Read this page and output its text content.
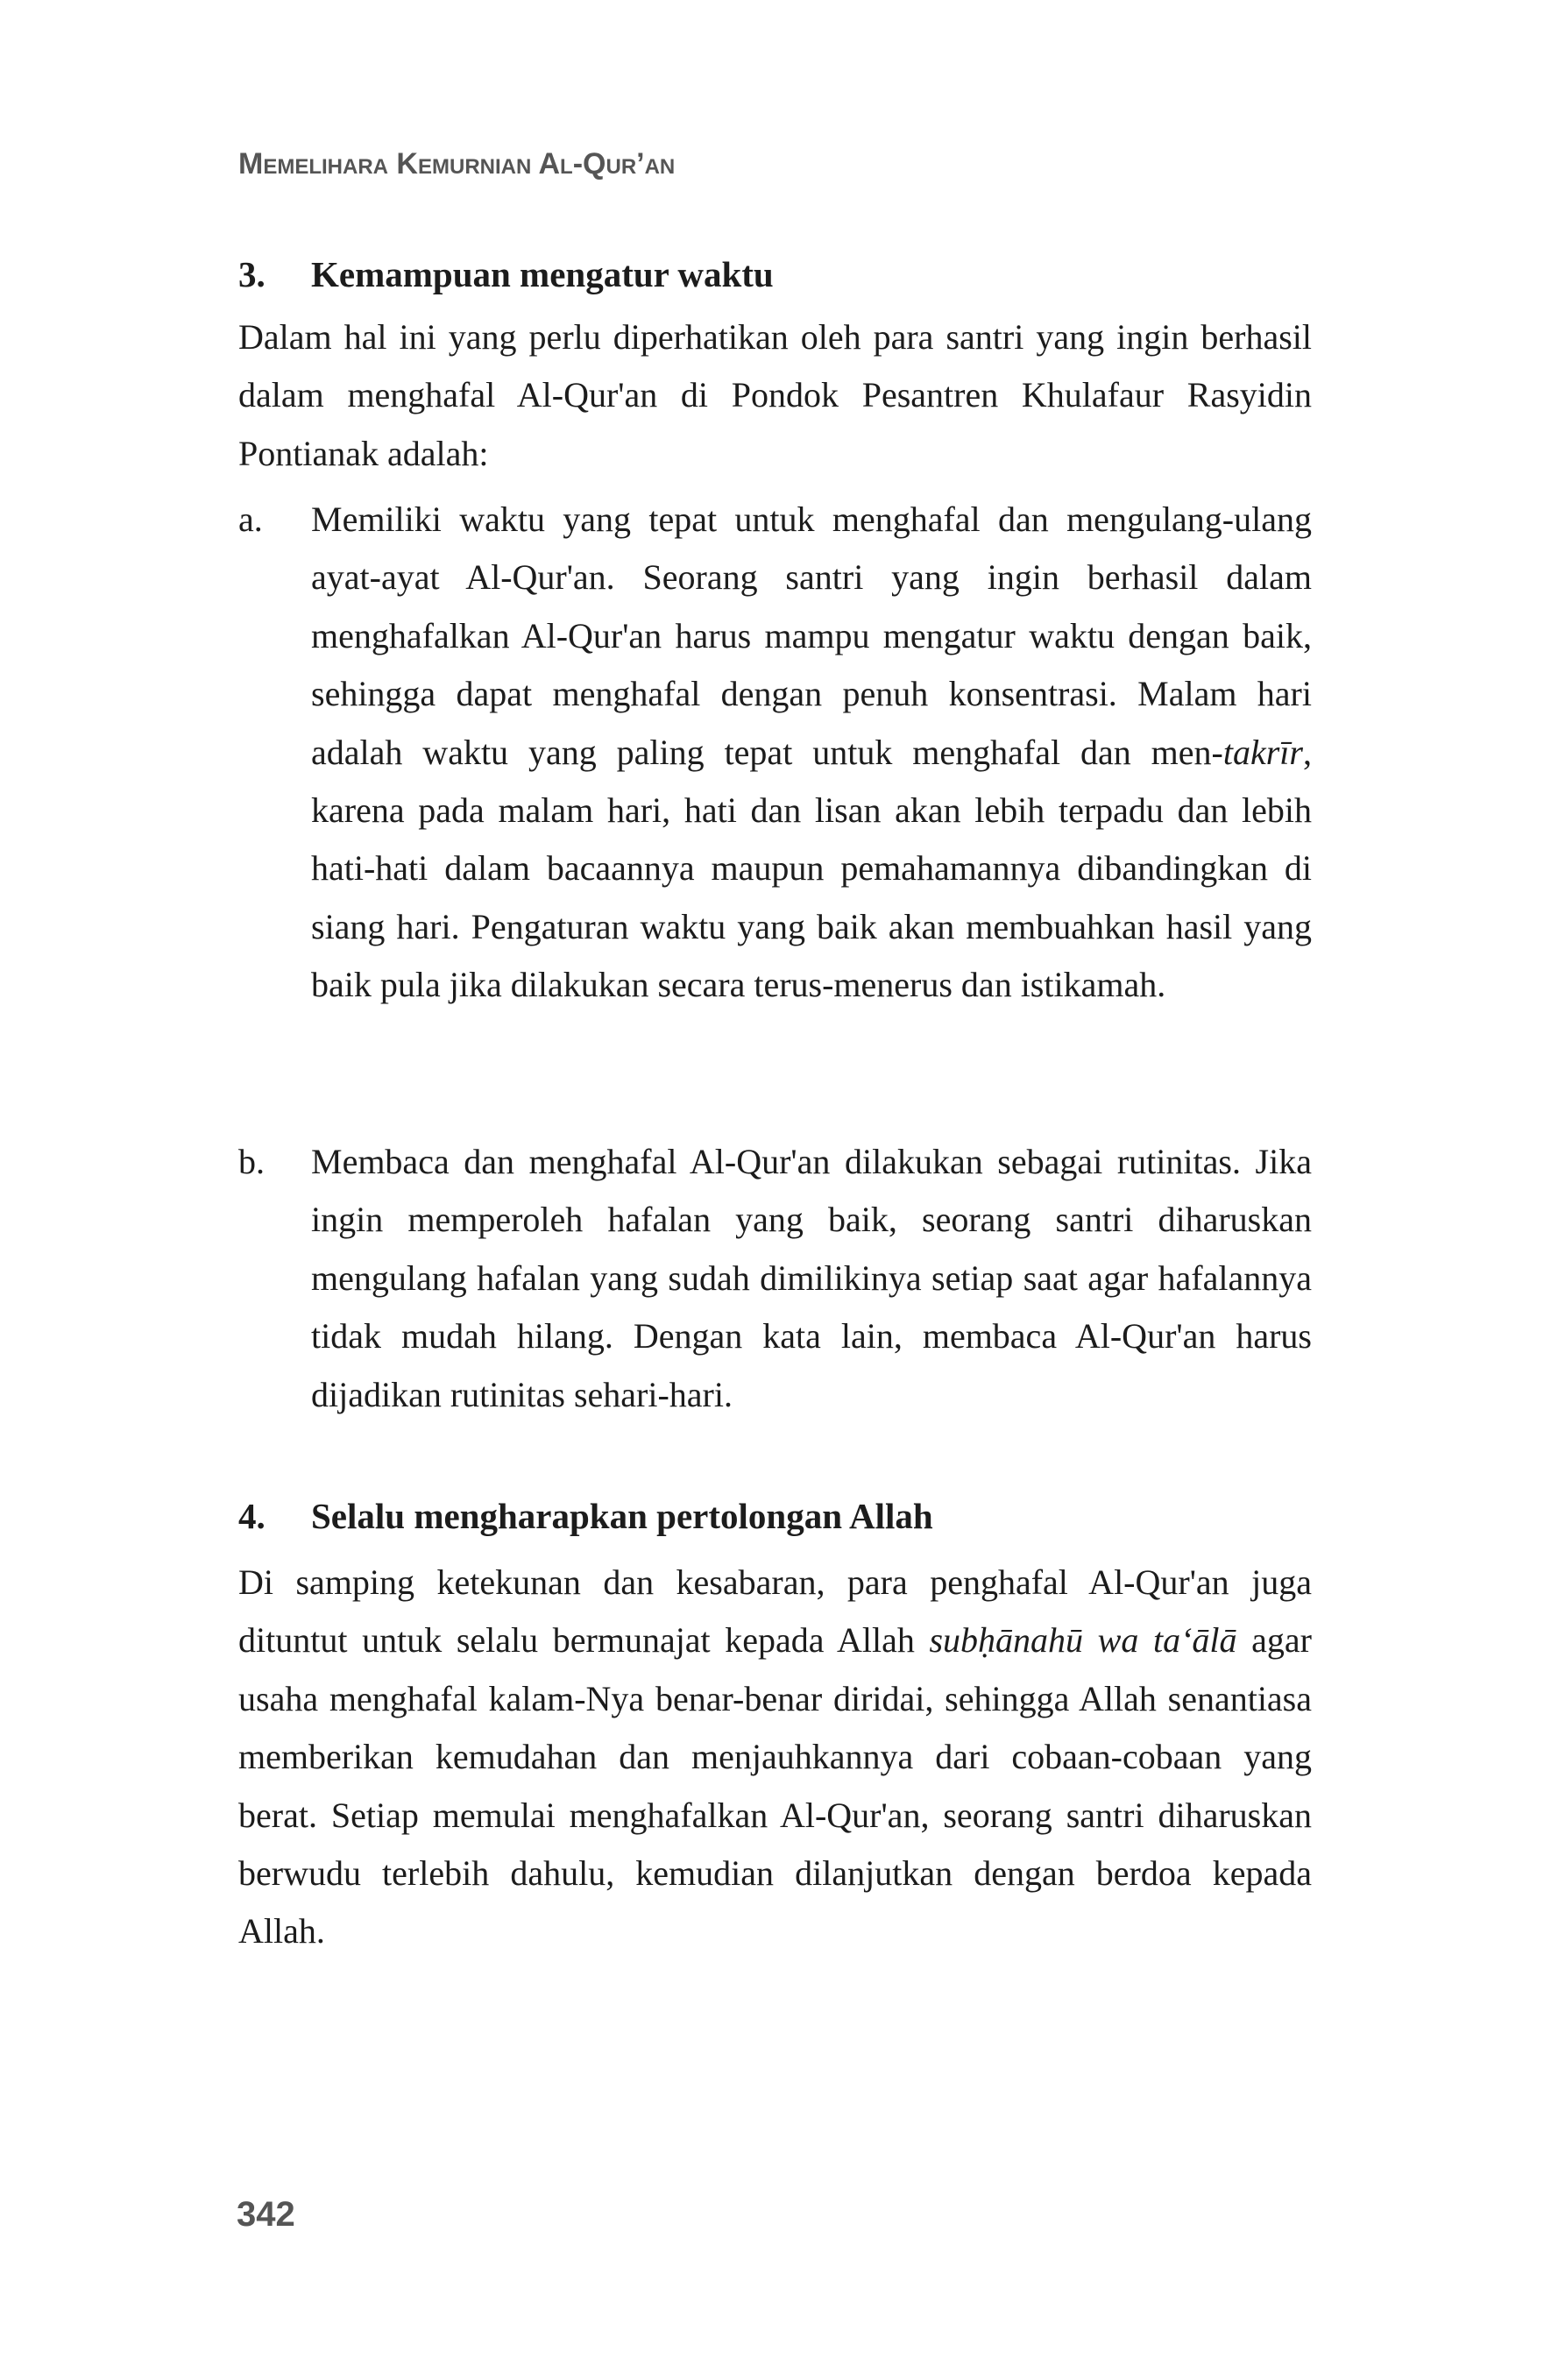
Memelihara Kemurnian Al-Qur’an
3. Kemampuan mengatur waktu
Dalam hal ini yang perlu diperhatikan oleh para santri yang ingin berhasil dalam menghafal Al-Qur'an di Pondok Pesantren Khulafaur Rasyidin Pontianak adalah:
a.	Memiliki waktu yang tepat untuk menghafal dan mengulang-ulang ayat-ayat Al-Qur'an. Seorang santri yang ingin berhasil dalam menghafalkan Al-Qur'an harus mampu mengatur waktu dengan baik, sehingga dapat menghafal dengan penuh konsentrasi. Malam hari adalah waktu yang paling tepat untuk menghafal dan men-takrīr, karena pada malam hari, hati dan lisan akan lebih terpadu dan lebih hati-hati dalam bacaannya maupun pemahamannya dibandingkan di siang hari. Pengaturan waktu yang baik akan membuahkan hasil yang baik pula jika dilakukan secara terus-menerus dan istikamah.
b.	Membaca dan menghafal Al-Qur'an dilakukan sebagai rutinitas. Jika ingin memperoleh hafalan yang baik, seorang santri diharuskan mengulang hafalan yang sudah dimilikinya setiap saat agar hafalannya tidak mudah hilang. Dengan kata lain, membaca Al-Qur'an harus dijadikan rutinitas sehari-hari.
4. Selalu mengharapkan pertolongan Allah
Di samping ketekunan dan kesabaran, para penghafal Al-Qur'an juga dituntut untuk selalu bermunajat kepada Allah subḥānahū wa ta‘ālā agar usaha menghafal kalam-Nya benar-benar diridai, sehingga Allah senantiasa memberikan kemudahan dan menjauhkannya dari cobaan-cobaan yang berat. Setiap memulai menghafalkan Al-Qur'an, seorang santri diharuskan berwudu terlebih dahulu, kemudian dilanjutkan dengan berdoa kepada Allah.
342
